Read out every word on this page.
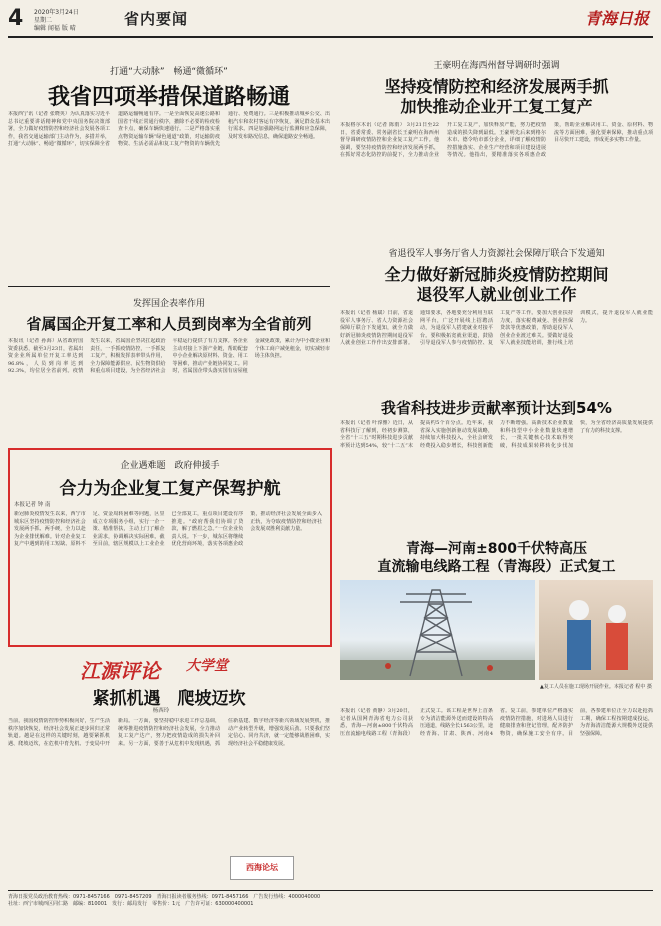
4 2020年3月24日
星期二
编辑 闻福 版 晴
省内要闻	青海日报
打通“大动脉”　畅通“微循环”
我省四项举措保道路畅通
本报西宁讯（记者 张晓英）为认真落实习近平总书记重要讲话精神和党中央国务院决策部署，全力做好疫情防控和经济社会发展各项工作，我省交通运输部门主动作为，多措并举，打通“大动脉”、畅通“微循环”，切实保障全省道路运输畅通有序。一是全面恢复高速公路和国省干线正常通行秩序，撤除不必要的检疫检查卡点，确保车辆快速通行。二是严格落实重点物资运输车辆“绿色通道”政策，对运输防疫物资、生活必需品和复工复产物资的车辆优先通行、免费通行。三是积极推动城乡公交、出租汽车和农村客运有序恢复，满足群众基本出行需求。四是加强路网运行监测和应急保障，及时发布路况信息，确保道路安全畅通。
发挥国企表率作用
省属国企开复工率和人员到岗率为全省前列
本报讯（记者 孙海）从省政府国资委获悉，截至3月23日，省属出资企业所属单位开复工率达到96.8%，人员到岗率达到92.3%，均位居全省前列。疫情发生以来，省属国企坚决扛起政治责任，一手抓疫情防控，一手抓复工复产，积极发挥表率带头作用，全力保障能源供应、民生物资供给和重点项目建设，为全省经济社会平稳运行提供了有力支撑。各企业主动对接上下游产业链，帮助配套中小企业解决原材料、资金、用工等困难，推动产业链协同复工。同时，省属国企带头落实国有房屋租金减免政策，累计为中小微企业和个体工商户减免租金，切实减轻市场主体负担。
企业遇难题　政府伸援手
合力为企业复工复产保驾护航
本报记者 钟 南
新冠肺炎疫情发生以来，西宁市城东区坚持疫情防控和经济社会发展两手抓、两手硬，全力以赴为企业排忧解难。针对企业复工复产中遇到的用工短缺、原料不足、资金周转困难等问题，区里成立专项服务小组，实行一企一策、精准帮扶，主动上门了解企业需求，协调解决实际困难。截至目前，辖区规模以上工业企业已全部复工，重点项目建设有序推进。“政府帮我们协调了贷款，解了燃眉之急。”一位企业负责人说。下一步，城东区将继续优化营商环境，落实各项惠企政策，推动经济社会发展全面步入正轨，为夺取疫情防控和经济社会发展双胜利贡献力量。
江源评论 大学堂
紧抓机遇　爬坡迈坎
杨西玲
当前，我国疫情防控形势积极向好，生产生活秩序加快恢复，经济社会发展正逐步回归正常轨道。越是在这样的关键时刻，越要紧抓机遇、爬坡迈坎，在危机中育先机、于变局中开新局。一方面，要坚持稳中求进工作总基调，统筹推进疫情防控和经济社会发展，全力推动复工复产达产，努力把疫情造成的损失补回来。另一方面，要善于从危机中发现机遇，抓住新基建、数字经济等新兴领域发展契机，推动产业转型升级，增强发展后劲。只要我们坚定信心、同舟共济，就一定能够战胜困难，实现经济社会平稳健康发展。
西海论坛
王豪明在海西州督导调研时强调
坚持疫情防控和经济发展两手抓
加快推动企业开工复工复产
本报格尔木讯（记者 陈雨） 3月21日至22日，省委常委、常务副省长王豪明在海西州督导调研疫情防控和企业复工复产工作。他强调，要坚持疫情防控和经济发展两手抓，在抓好常态化防控的前提下，全力推动企业开工复工复产，加快释放产能，努力把疫情造成的损失降到最低。王豪明先后来到格尔木市、德令哈市部分企业，详细了解疫情防控措施落实、企业生产经营和项目建设进展等情况。他指出，要精准落实各项惠企政策，帮助企业解决用工、资金、原材料、物流等方面困难，强化要素保障，推动重点项目尽快开工建设，形成更多实物工作量。
省退役军人事务厅省人力资源社会保障厅联合下发通知
全力做好新冠肺炎疫情防控期间
退役军人就业创业工作
本报讯（记者 杨斌）日前，省退役军人事务厅、省人力资源社会保障厅联合下发通知，就全力做好新冠肺炎疫情防控期间退役军人就业创业工作作出安排部署。通知要求，各地要充分利用互联网平台，广泛开展线上招聘活动，为退役军人搭建就业对接平台。要积极拓宽就业渠道，鼓励引导退役军人参与疫情防控、复工复产等工作。要加大创业扶持力度，落实税费减免、创业担保贷款等优惠政策，帮助退役军人创业企业渡过难关。要做好退役军人就业技能培训，推行线上培训模式，提升退役军人就业能力。
我省科技进步贡献率预计达到54%
本报讯（记者 叶淳雅）近日，从省科技厅了解到，经初步测算，全省“十三五”时期科技进步贡献率预计达到54%，较“十二五”末提高约5个百分点。近年来，我省深入实施创新驱动发展战略，持续加大科技投入，全社会研发经费投入稳步增长，科技创新能力不断增强。高新技术企业数量和科技型中小企业数量快速增长，一批关键核心技术取得突破，科技成果转移转化步伐加快，为全省经济高质量发展提供了有力的科技支撑。
青海—河南±800千伏特高压
直流输电线路工程（青海段）正式复工
▲复工人员在施工现场开展作业。本报记者 程中 摄
本报讯（记者 黄静）3月20日，记者从国网青海省电力公司获悉，青海—河南±800千伏特高压直流输电线路工程（青海段）正式复工。该工程是世界上首条专为清洁能源外送而建设的特高压通道，线路全长1563公里，途经青海、甘肃、陕西、河南4省。复工前，参建单位严格落实疫情防控措施，对进场人员进行健康排查和登记管理，配齐防护物资，确保施工安全有序。目前，各参建单位正全力以赴抢抓工期，确保工程按期建成投运，为青海清洁能源大规模外送提供坚强保障。
青海日报党员政治教育热线：0971-8457166　0971-8457209　青海日报读者服务热线：0971-8457166　广告发行热线：4000040000
社址：西宁市城西区同仁路　邮编：810001　发行：邮局发行　零售价：1元　广告许可证：630000400001
